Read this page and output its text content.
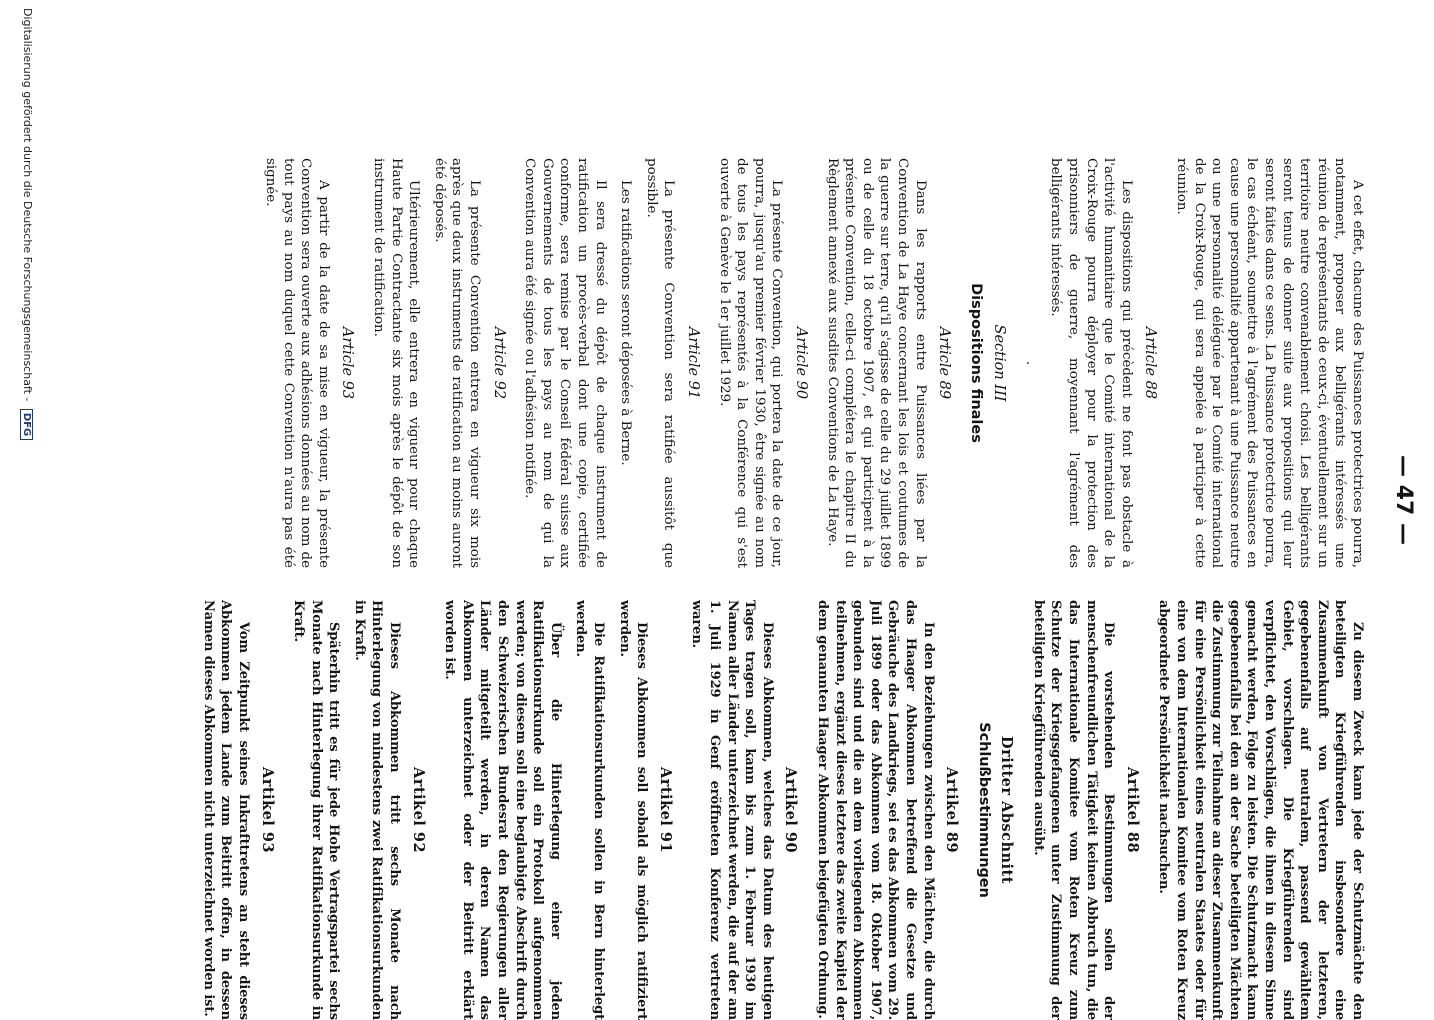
— 47 —

A cet effet, chacune des Puissances protectrices pourra, notamment, proposer aux belligérants intéressés une réunion de représentants de ceux-ci, éventuellement sur un territoire neutre convenablement choisi. Les belligérants seront tenus de donner suite aux propositions qui leur seront faites dans ce sens. La Puissance protectrice pourra, le cas échéant, soumettre à l'agrément des Puissances en cause une personnalité appartenant à une Puissance neutre ou une personnalité déléguée par le Comité international de la Croix-Rouge, qui sera appelée à participer à cette réunion.

Article 88

Les dispositions qui précèdent ne font pas obstacle à l'activité humanitaire que le Comité international de la Croix-Rouge pourra déployer pour la protection des prisonniers de guerre, moyennant l'agrément des belligérants intéressés.

.
Section III
Dispositions finales
Article 89

Dans les rapports entre Puissances liées par la Convention de La Haye concernant les lois et coutumes de la guerre sur terre, qu'il s'agisse de celle du 29 juillet 1899 ou de celle du 18 octobre 1907, et qui participent à la présente Convention, celle-ci complétera le chapitre II du Règlement annexé aux susdites Conventions de La Haye.

Article 90

La présente Convention, qui portera la date de ce jour, pourra, jusqu'au premier février 1930, être signée au nom de tous les pays représentés à la Conférence qui s'est ouverte à Genève le 1er juillet 1929.

Article 91

La présente Convention sera ratifiée aussitôt que possible.

Les ratifications seront déposées à Berne.

Il sera dressé du dépôt de chaque instrument de ratification un procès-verbal dont une copie, certifiée conforme, sera remise par le Conseil fédéral suisse aux Gouvernements de tous les pays au nom de qui la Convention aura été signée ou l'adhésion notifiée.

Article 92

La présente Convention entrera en vigueur six mois après que deux instruments de ratification au moins auront été déposés.

Ultérieurement, elle entrera en vigueur pour chaque Haute Partie Contractante six mois après le dépôt de son instrument de ratification.

Article 93

A partir de la date de sa mise en vigueur, la présente Convention sera ouverte aux adhésions données au nom de tout pays au nom duquel cette Convention n'aura pas été signée.

Zu diesem Zweck kann jede der Schutzmächte den beteiligten Kriegführenden insbesondere eine Zusammenkunft von Vertretern der letzteren, gegebenenfalls auf neutralem, passend gewähltem Gebiet, vorschlagen. Die Kriegführenden sind verpflichtet, den Vorschlägen, die ihnen in diesem Sinne gemacht werden, Folge zu leisten. Die Schutzmacht kann gegebenenfalls bei den an der Sache beteiligten Mächten die Zustimmung zur Teilnahme an dieser Zusammenkunft für eine Persönlichkeit eines neutralen Staates oder für eine von dem Internationalen Komitee vom Roten Kreuz abgeordnete Persönlichkeit nachsuchen.

Artikel 88

Die vorstehenden Bestimmungen sollen der menschenfreundlichen Tätigkeit keinen Abbruch tun, die das Internationale Komitee vom Roten Kreuz zum Schutze der Kriegsgefangenen unter Zustimmung der beteiligten Kriegführenden ausübt.

Dritter Abschnitt
Schlußbestimmungen
Artikel 89

In den Beziehungen zwischen den Mächten, die durch das Haager Abkommen betreffend die Gesetze und Gebräuche des Landkriegs, sei es das Abkommen vom 29. Juli 1899 oder das Abkommen vom 18. Oktober 1907, gebunden sind und die an dem vorliegenden Abkommen teilnehmen, ergänzt dieses letztere das zweite Kapitel der dem genannten Haager Abkommen beigefügten Ordnung.

Artikel 90

Dieses Abkommen, welches das Datum des heutigen Tages tragen soll, kann bis zum 1. Februar 1930 im Namen aller Länder unterzeichnet werden, die auf der am 1. Juli 1929 in Genf eröffneten Konferenz vertreten waren.

Artikel 91

Dieses Abkommen soll sobald als möglich ratifiziert werden.

Die Ratifikationsurkunden sollen in Bern hinterlegt werden.

Über die Hinterlegung einer jeden Ratifikationsurkunde soll ein Protokoll aufgenommen werden; von diesem soll eine beglaubigte Abschrift durch den Schweizerischen Bundesrat den Regierungen aller Länder mitgeteilt werden, in deren Namen das Abkommen unterzeichnet oder der Beitritt erklärt worden ist.

Artikel 92

Dieses Abkommen tritt sechs Monate nach Hinterlegung von mindestens zwei Ratifikationsurkunden in Kraft.

Späterhin tritt es für jede Hohe Vertragspartei sechs Monate nach Hinterlegung ihrer Ratifikationsurkunde in Kraft.

Artikel 93

Vom Zeitpunkt seines Inkrafttretens an steht dieses Abkommen jedem Lande zum Beitritt offen, in dessen Namen dieses Abkommen nicht unterzeichnet worden ist.

Digitalisierung gefördert durch die Deutsche Forschungsgemeinschaft - DFG
